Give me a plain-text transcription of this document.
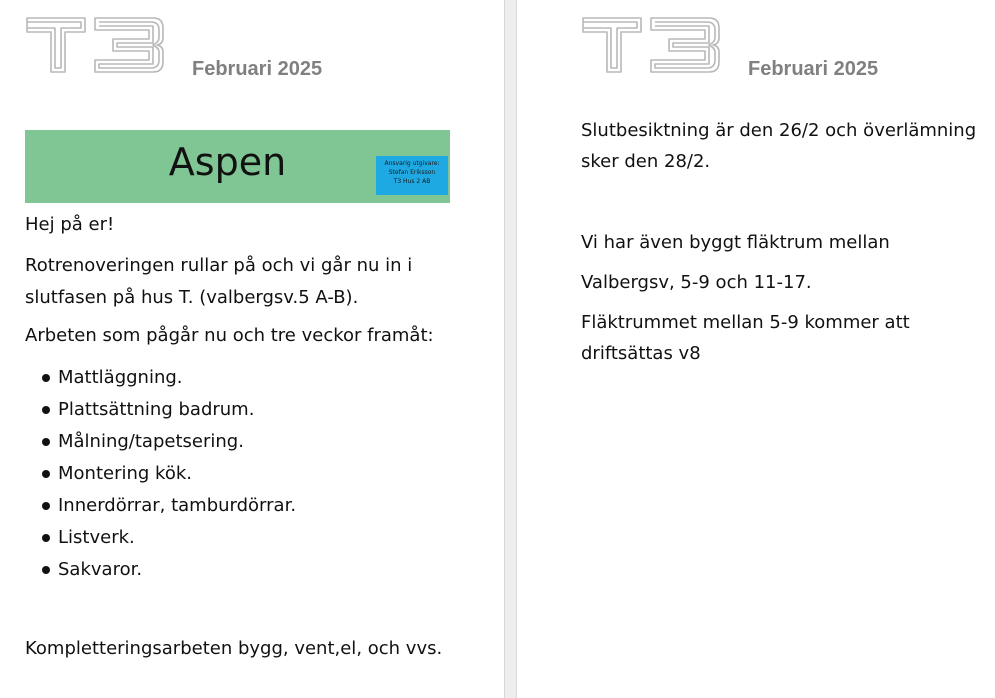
Februari 2025
Aspen	Ansvarig utgivare:
Stefan Eriksson
T3 Hus 2 AB

Hej på er!

Rotrenoveringen rullar på och vi går nu in i

slutfasen på hus T. (valbergsv.5 A-B).

Arbeten som pågår nu och tre veckor framåt:

Mattläggning.
Plattsättning badrum.
Målning/tapetsering.
Montering kök.
Innerdörrar, tamburdörrar.
Listverk.
Sakvaror.

Kompletteringsarbeten bygg, vent,el, och vvs.

Februari 2025

Slutbesiktning är den 26/2 och överlämning

sker den 28/2.

Vi har även byggt fläktrum mellan

Valbergsv, 5-9 och 11-17.

Fläktrummet mellan 5-9 kommer att

driftsättas v8
